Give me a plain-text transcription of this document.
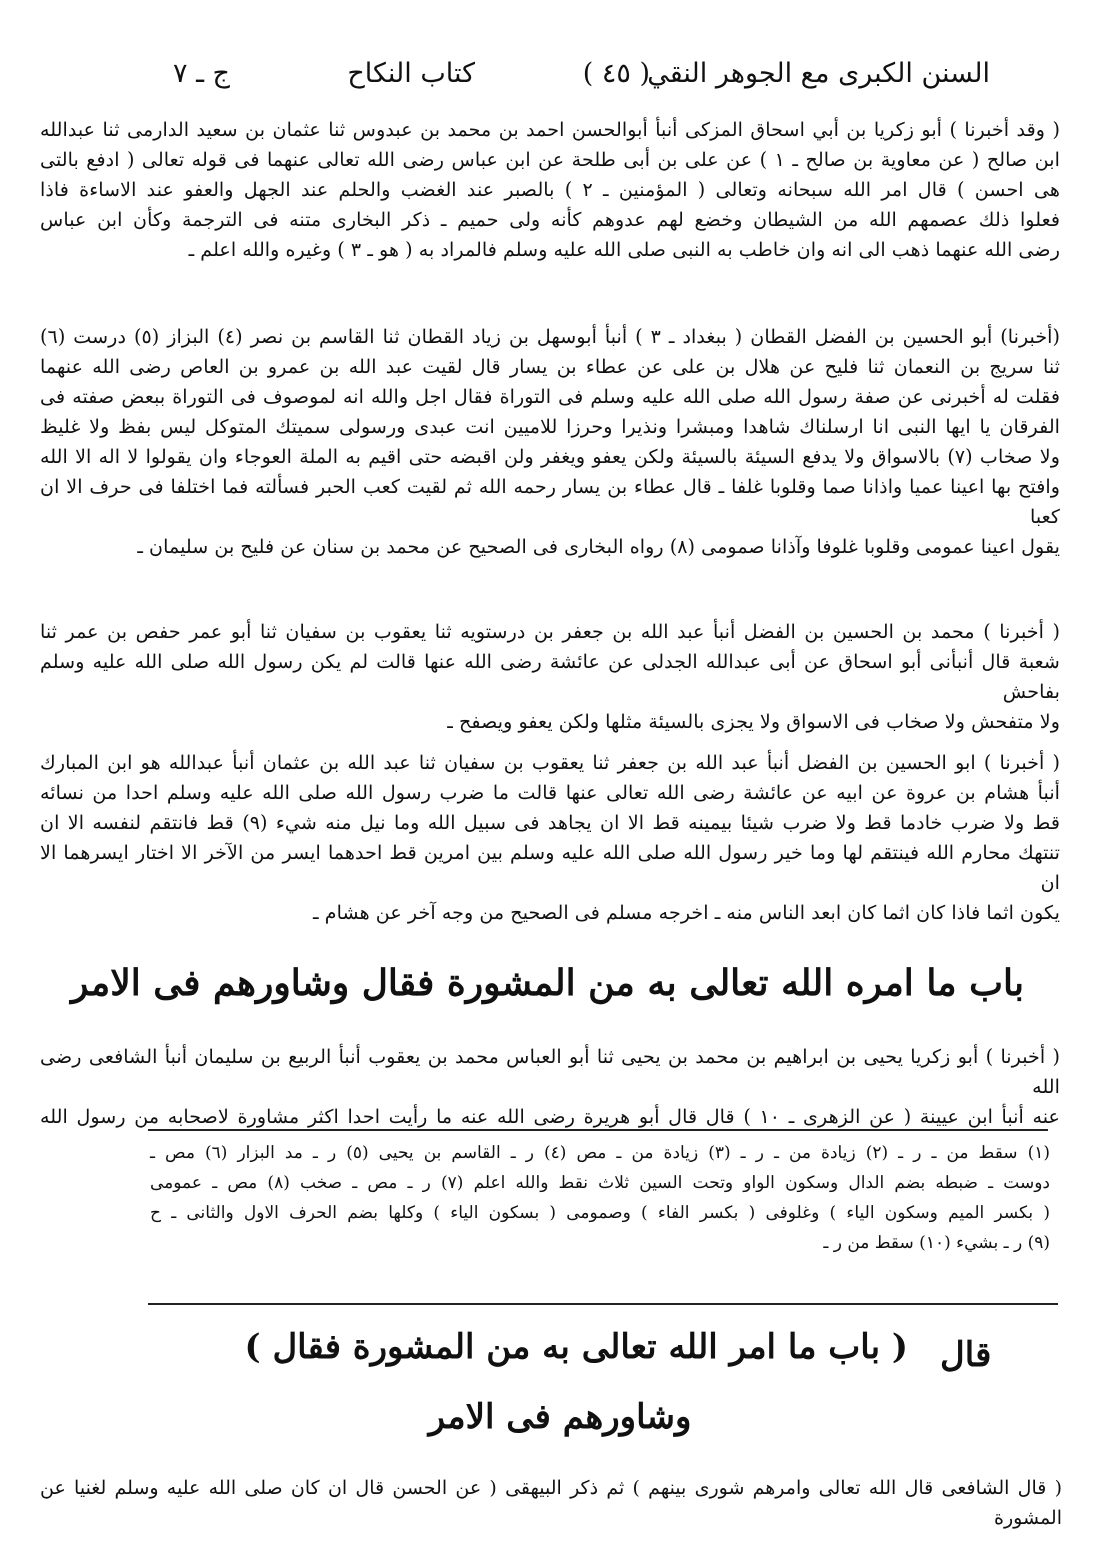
السنن الكبرى مع الجوهر النقي
( ٤٥ )
كتاب النكاح
ج ـ ٧
( وقد أخبرنا ) أبو زكريا بن أبي اسحاق المزكى أنبأ أبوالحسن احمد بن محمد بن عبدوس ثنا عثمان بن سعيد الدارمى ثنا عبدالله
ابن صالح ( عن معاوية بن صالح ـ ١ ) عن على بن أبى طلحة عن ابن عباس رضى الله تعالى عنهما فى قوله تعالى ( ادفع بالتى
هى احسن ) قال امر الله سبحانه وتعالى ( المؤمنين ـ ٢ ) بالصبر عند الغضب والحلم عند الجهل والعفو عند الاساءة فاذا
فعلوا ذلك عصمهم الله من الشيطان وخضع لهم عدوهم كأنه ولى حميم ـ ذكر البخارى متنه فى الترجمة وكأن ابن عباس
رضى الله عنهما ذهب الى انه وان خاطب به النبى صلى الله عليه وسلم فالمراد به ( هو ـ ٣ ) وغيره والله اعلم ـ
(أخبرنا) أبو الحسين بن الفضل القطان ( ببغداد ـ ٣ ) أنبأ أبوسهل بن زياد القطان ثنا القاسم بن نصر (٤) البزاز (٥) درست (٦)
ثنا سريج بن النعمان ثنا فليح عن هلال بن على عن عطاء بن يسار قال لقيت عبد الله بن عمرو بن العاص رضى الله عنهما
فقلت له أخبرنى عن صفة رسول الله صلى الله عليه وسلم فى التوراة فقال اجل والله انه لموصوف فى التوراة ببعض صفته فى
الفرقان يا ايها النبى انا ارسلناك شاهدا ومبشرا ونذيرا وحرزا للاميين انت عبدى ورسولى سميتك المتوكل ليس بفظ ولا غليظ
ولا صخاب (٧) بالاسواق ولا يدفع السيئة بالسيئة ولكن يعفو ويغفر ولن اقبضه حتى اقيم به الملة العوجاء وان يقولوا لا اله الا الله
وافتح بها اعينا عميا واذانا صما وقلوبا غلفا ـ قال عطاء بن يسار رحمه الله ثم لقيت كعب الحبر فسألته فما اختلفا فى حرف الا ان كعبا
يقول اعينا عمومى وقلوبا غلوفا وآذانا صمومى (٨) رواه البخارى فى الصحيح عن محمد بن سنان عن فليح بن سليمان ـ
( أخبرنا ) محمد بن الحسين بن الفضل أنبأ عبد الله بن جعفر بن درستويه ثنا يعقوب بن سفيان ثنا أبو عمر حفص بن عمر ثنا
شعبة قال أنبأنى أبو اسحاق عن أبى عبدالله الجدلى عن عائشة رضى الله عنها قالت لم يكن رسول الله صلى الله عليه وسلم بفاحش
ولا متفحش ولا صخاب فى الاسواق ولا يجزى بالسيئة مثلها ولكن يعفو ويصفح ـ
( أخبرنا ) ابو الحسين بن الفضل أنبأ عبد الله بن جعفر ثنا يعقوب بن سفيان ثنا عبد الله بن عثمان أنبأ عبدالله هو ابن المبارك
أنبأ هشام بن عروة عن ابيه عن عائشة رضى الله تعالى عنها قالت ما ضرب رسول الله صلى الله عليه وسلم احدا من نسائه
قط ولا ضرب خادما قط ولا ضرب شيئا بيمينه قط الا ان يجاهد فى سبيل الله وما نيل منه شيء (٩) قط فانتقم لنفسه الا ان
تنتهك محارم الله فينتقم لها وما خير رسول الله صلى الله عليه وسلم بين امرين قط احدهما ايسر من الآخر الا اختار ايسرهما الا ان
يكون اثما فاذا كان اثما كان ابعد الناس منه ـ اخرجه مسلم فى الصحيح من وجه آخر عن هشام ـ
باب ما امره الله تعالى به من المشورة فقال وشاورهم فى الامر
( أخبرنا ) أبو زكريا يحيى بن ابراهيم بن محمد بن يحيى ثنا أبو العباس محمد بن يعقوب أنبأ الربيع بن سليمان أنبأ الشافعى رضى الله
عنه أنبأ ابن عيينة ( عن الزهرى ـ ١٠ ) قال قال أبو هريرة رضى الله عنه ما رأيت احدا اكثر مشاورة لاصحابه من رسول الله
(١) سقط من ـ ر ـ (٢) زيادة من ـ ر ـ (٣) زيادة من ـ مص (٤) ر ـ القاسم بن يحيى (٥) ر ـ مد البزار (٦) مص ـ
دوست ـ ضبطه بضم الدال وسكون الواو وتحت السين ثلاث نقط والله اعلم (٧) ر ـ مص ـ صخب (٨) مص ـ عمومى
( بكسر الميم وسكون الياء ) وغلوفى ( بكسر الفاء ) وصمومى ( بسكون الياء ) وكلها بضم الحرف الاول والثانى ـ ح
(٩) ر ـ بشيء (١٠) سقط من ر ـ
قال
( باب ما امر الله تعالى به من المشورة فقال )
وشاورهم فى الامر
( قال الشافعى قال الله تعالى وامرهم شورى بينهم ) ثم ذكر البيهقى ( عن الحسن قال ان كان صلى الله عليه وسلم لغنيا عن المشورة
